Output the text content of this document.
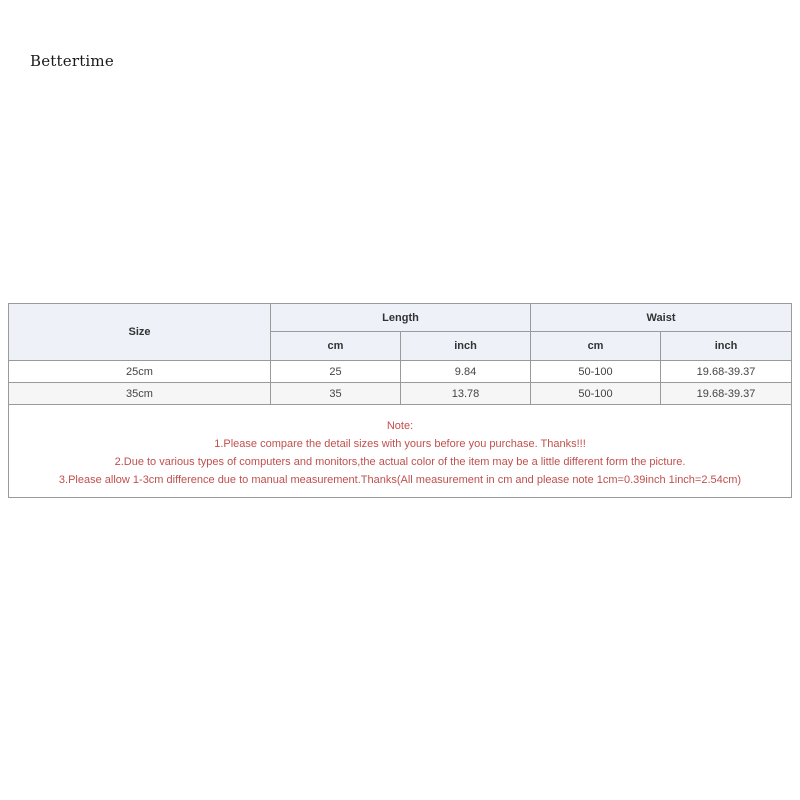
Bettertime
Size	Length		Waist	
	cm	inch	cm	inch
25cm	25	9.84	50-100	19.68-39.37
35cm	35	13.78	50-100	19.68-39.37

Note:
1.Please compare the detail sizes with yours before you purchase. Thanks!!!
2.Due to various types of computers and monitors,the actual color of the item may be a little different form the picture.
3.Please allow 1-3cm difference due to manual measurement.Thanks(All measurement in cm and please note 1cm=0.39inch 1inch=2.54cm)				
